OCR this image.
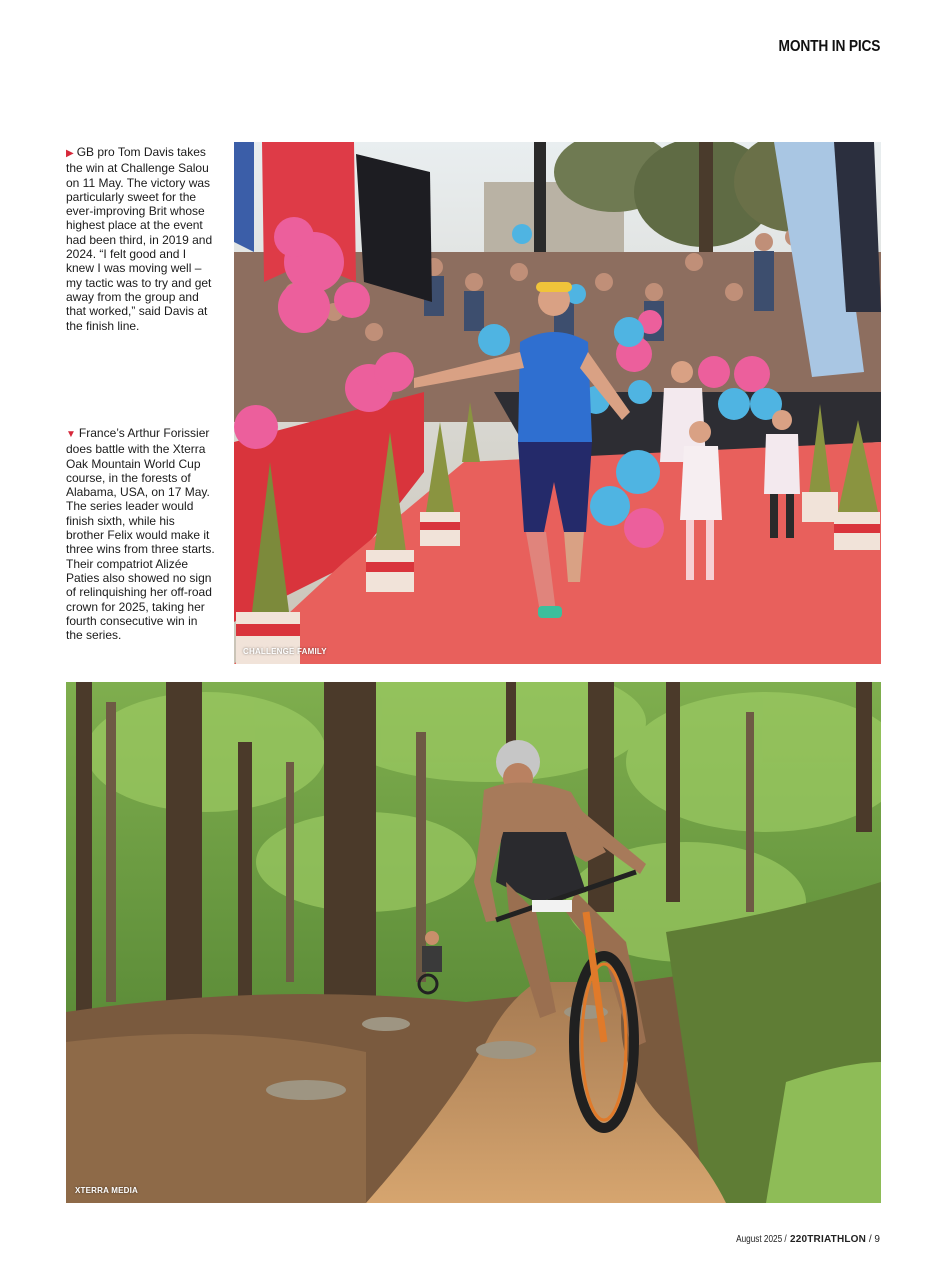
MONTH IN PICS
▶ GB pro Tom Davis takes the win at Challenge Salou on 11 May. The victory was particularly sweet for the ever-improving Brit whose highest place at the event had been third, in 2019 and 2024. “I felt good and I knew I was moving well – my tactic was to try and get away from the group and that worked,” said Davis at the finish line.
▼ France’s Arthur Forissier does battle with the Xterra Oak Mountain World Cup course, in the forests of Alabama, USA, on 17 May. The series leader would finish sixth, while his brother Felix would make it three wins from three starts. Their compatriot Alizée Paties also showed no sign of relinquishing her off-road crown for 2025, taking her fourth consecutive win in the series.
CHALLENGE FAMILY
XTERRA MEDIA
August 2025 / 220TRIATHLON / 9
